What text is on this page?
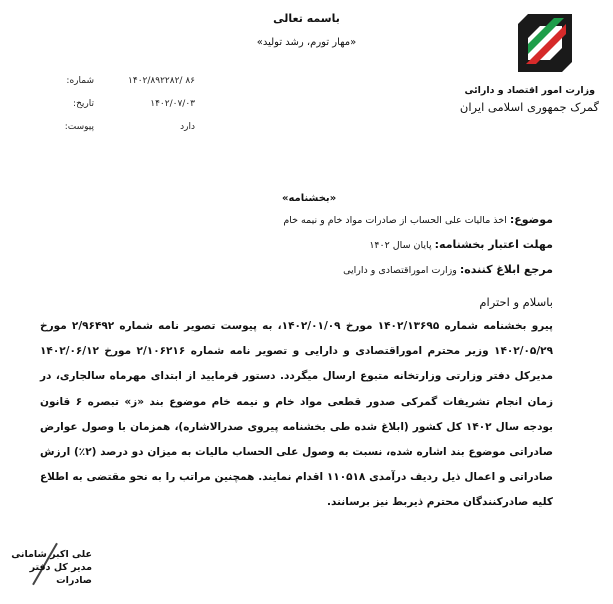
باسمه تعالی
«مهار تورم، رشد تولید»
وزارت امور اقتصاد و دارائی
گمرک جمهوری اسلامی ایران
شماره:	۸۶ /۱۴۰۲/۸۹۲۲۸۲
تاریخ:	۱۴۰۲/۰۷/۰۳
پیوست:	دارد
«بخشنامه»
موضوع: اخذ مالیات علی الحساب از صادرات مواد خام و نیمه خام
مهلت اعتبار بخشنامه: پایان سال ۱۴۰۲
مرجع ابلاغ کننده: وزارت اموراقتصادی و دارایی
باسلام و احترام
پیرو بخشنامه شماره ۱۴۰۲/۱۳۶۹۵ مورخ ۱۴۰۲/۰۱/۰۹، به پیوست تصویر نامه شماره ۲/۹۶۴۹۲ مورخ ۱۴۰۲/۰۵/۲۹ وزیر محترم اموراقتصادی و دارایی و تصویر نامه شماره ۲/۱۰۶۲۱۶ مورخ ۱۴۰۲/۰۶/۱۲ مدیرکل دفتر وزارتی وزارتخانه متبوع ارسال میگردد. دستور فرمایید از ابتدای مهرماه سالجاری، در زمان انجام تشریفات گمرکی صدور قطعی مواد خام و نیمه خام موضوع بند «ز» تبصره ۶ قانون بودجه سال ۱۴۰۲ کل کشور (ابلاغ شده طی بخشنامه پیروی صدرالاشاره)، همزمان با وصول عوارض صادراتی موضوع بند اشاره شده، نسبت به وصول علی الحساب مالیات به میزان دو درصد (۲٪) ارزش صادراتی و اعمال ذیل ردیف درآمدی ۱۱۰۵۱۸ اقدام نمایند. همچنین مراتب را به نحو مقتضی به اطلاع کلیه صادرکنندگان محترم ذیربط نیز برسانند.
علی اکبر شامانی
مدیر کل دفتر صادرات
